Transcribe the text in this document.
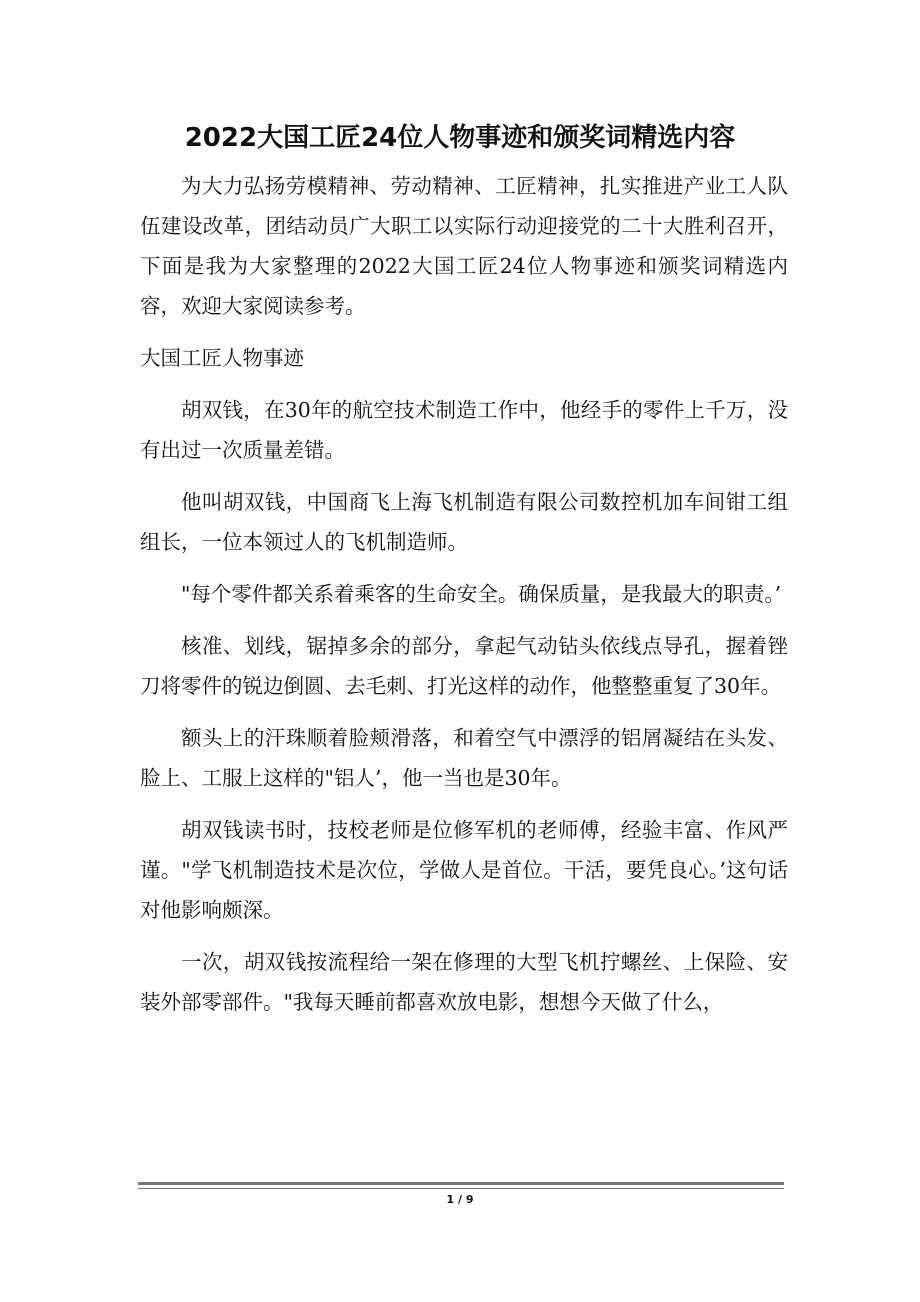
2022大国工匠24位人物事迹和颁奖词精选内容

为大力弘扬劳模精神、劳动精神、工匠精神，扎实推进产业工人队伍建设改革，团结动员广大职工以实际行动迎接党的二十大胜利召开，下面是我为大家整理的2022大国工匠24位人物事迹和颁奖词精选内容，欢迎大家阅读参考。

大国工匠人物事迹

胡双钱，在30年的航空技术制造工作中，他经手的零件上千万，没有出过一次质量差错。

他叫胡双钱，中国商飞上海飞机制造有限公司数控机加车间钳工组组长，一位本领过人的飞机制造师。

"每个零件都关系着乘客的生命安全。确保质量，是我最大的职责。’

核准、划线，锯掉多余的部分，拿起气动钻头依线点导孔，握着锉刀将零件的锐边倒圆、去毛刺、打光这样的动作，他整整重复了30年。

额头上的汗珠顺着脸颊滑落，和着空气中漂浮的铝屑凝结在头发、脸上、工服上这样的"铝人’，他一当也是30年。

胡双钱读书时，技校老师是位修军机的老师傅，经验丰富、作风严谨。"学飞机制造技术是次位，学做人是首位。干活，要凭良心。’这句话对他影响颇深。

一次，胡双钱按流程给一架在修理的大型飞机拧螺丝、上保险、安装外部零部件。"我每天睡前都喜欢放电影，想想今天做了什么，

1 / 9
